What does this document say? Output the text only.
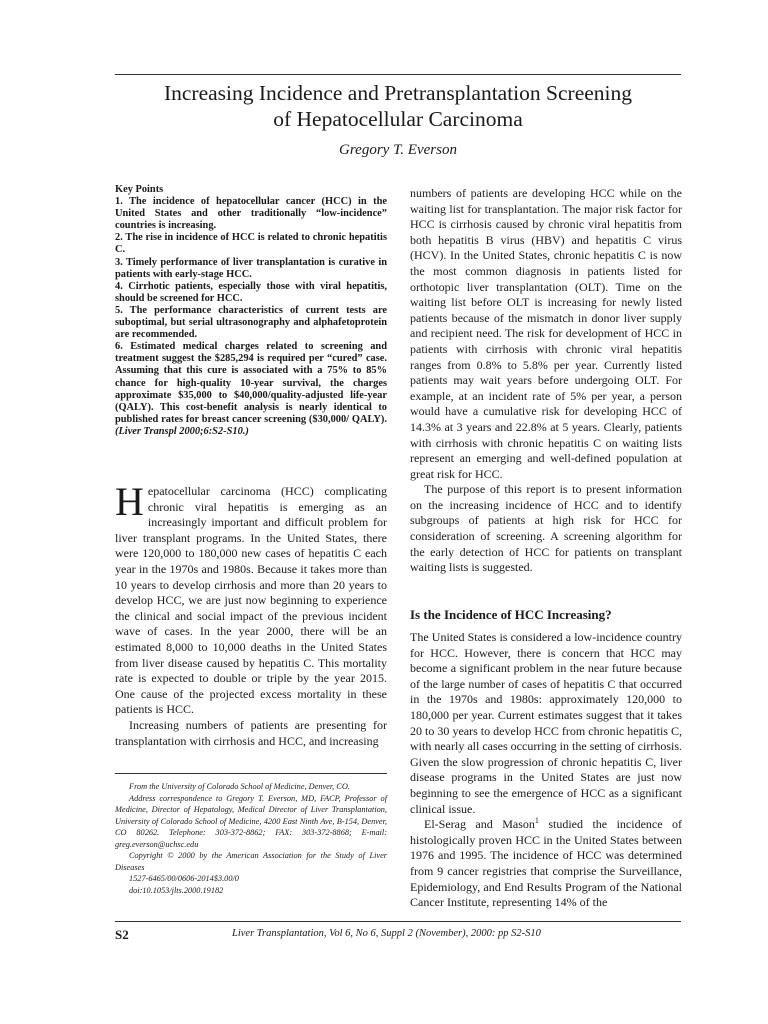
Increasing Incidence and Pretransplantation Screening
of Hepatocellular Carcinoma
Gregory T. Everson

Key Points
1. The incidence of hepatocellular cancer (HCC) in the United States and other traditionally “low-incidence” countries is increasing.
2. The rise in incidence of HCC is related to chronic hepatitis C.
3. Timely performance of liver transplantation is curative in patients with early-stage HCC.
4. Cirrhotic patients, especially those with viral hepatitis, should be screened for HCC.
5. The performance characteristics of current tests are suboptimal, but serial ultrasonography and alphafetoprotein are recommended.
6. Estimated medical charges related to screening and treatment suggest the $285,294 is required per “cured” case. Assuming that this cure is associated with a 75% to 85% chance for high-quality 10-year survival, the charges approximate $35,000 to $40,000/quality-adjusted life-year (QALY). This cost-benefit analysis is nearly identical to published rates for breast cancer screening ($30,000/ QALY). (Liver Transpl 2000;6:S2-S10.)

Hepatocellular carcinoma (HCC) complicating chronic viral hepatitis is emerging as an increasingly important and difficult problem for liver transplant programs. In the United States, there were 120,000 to 180,000 new cases of hepatitis C each year in the 1970s and 1980s. Because it takes more than 10 years to develop cirrhosis and more than 20 years to develop HCC, we are just now beginning to experience the clinical and social impact of the previous incident wave of cases. In the year 2000, there will be an estimated 8,000 to 10,000 deaths in the United States from liver disease caused by hepatitis C. This mortality rate is expected to double or triple by the year 2015. One cause of the projected excess mortality in these patients is HCC.

Increasing numbers of patients are presenting for transplantation with cirrhosis and HCC, and increasing

From the University of Colorado School of Medicine, Denver, CO.

Address correspondence to Gregory T. Everson, MD, FACP, Professor of Medicine, Director of Hepatology, Medical Director of Liver Transplantation, University of Colorado School of Medicine, 4200 East Ninth Ave, B-154, Denver, CO 80262. Telephone: 303-372-8862; FAX: 303-372-8868; E-mail: greg.everson@uchsc.edu

Copyright © 2000 by the American Association for the Study of Liver Diseases

1527-6465/00/0606-2014$3.00/0

doi:10.1053/jlts.2000.19182

numbers of patients are developing HCC while on the waiting list for transplantation. The major risk factor for HCC is cirrhosis caused by chronic viral hepatitis from both hepatitis B virus (HBV) and hepatitis C virus (HCV). In the United States, chronic hepatitis C is now the most common diagnosis in patients listed for orthotopic liver transplantation (OLT). Time on the waiting list before OLT is increasing for newly listed patients because of the mismatch in donor liver supply and recipient need. The risk for development of HCC in patients with cirrhosis with chronic viral hepatitis ranges from 0.8% to 5.8% per year. Currently listed patients may wait years before undergoing OLT. For example, at an incident rate of 5% per year, a person would have a cumulative risk for developing HCC of 14.3% at 3 years and 22.8% at 5 years. Clearly, patients with cirrhosis with chronic hepatitis C on waiting lists represent an emerging and well-defined population at great risk for HCC.

The purpose of this report is to present information on the increasing incidence of HCC and to identify subgroups of patients at high risk for HCC for consideration of screening. A screening algorithm for the early detection of HCC for patients on transplant waiting lists is suggested.

Is the Incidence of HCC Increasing?

The United States is considered a low-incidence country for HCC. However, there is concern that HCC may become a significant problem in the near future because of the large number of cases of hepatitis C that occurred in the 1970s and 1980s: approximately 120,000 to 180,000 per year. Current estimates suggest that it takes 20 to 30 years to develop HCC from chronic hepatitis C, with nearly all cases occurring in the setting of cirrhosis. Given the slow progression of chronic hepatitis C, liver disease programs in the United States are just now beginning to see the emergence of HCC as a significant clinical issue.

El-Serag and Mason$^1$ studied the incidence of histologically proven HCC in the United States between 1976 and 1995. The incidence of HCC was determined from 9 cancer registries that comprise the Surveillance, Epidemiology, and End Results Program of the National Cancer Institute, representing 14% of the

S2	Liver Transplantation, Vol 6, No 6, Suppl 2 (November), 2000: pp S2-S10
